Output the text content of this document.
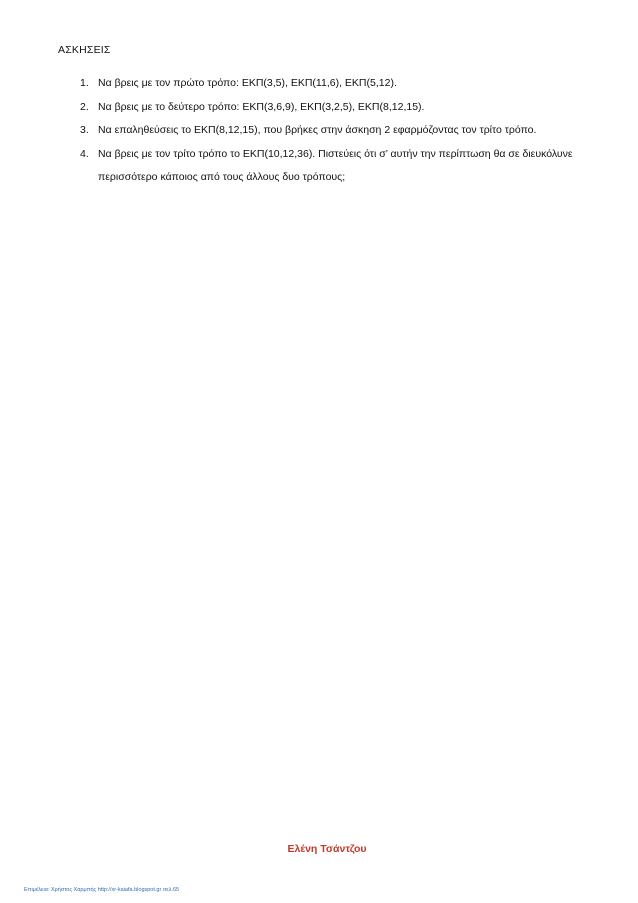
ΑΣΚΗΣΕΙΣ
1. Να βρεις με τον πρώτο τρόπο: ΕΚΠ(3,5), ΕΚΠ(11,6), ΕΚΠ(5,12).
2. Να βρεις με το δεύτερο τρόπο: ΕΚΠ(3,6,9), ΕΚΠ(3,2,5), ΕΚΠ(8,12,15).
3. Να επαληθεύσεις το ΕΚΠ(8,12,15), που βρήκες στην άσκηση 2 εφαρμόζοντας τον τρίτο τρόπο.
4. Να βρεις με τον τρίτο τρόπο το ΕΚΠ(10,12,36). Πιστεύεις ότι σ’ αυτήν την περίπτωση θα σε διευκόλυνε περισσότερο κάποιος από τους άλλους δυο τρόπους;
Ελένη Τσάντζου
Επιμέλεια: Χρήστος Χαρμπής http://xr-kaiafa.blogspot.gr σελ.65
